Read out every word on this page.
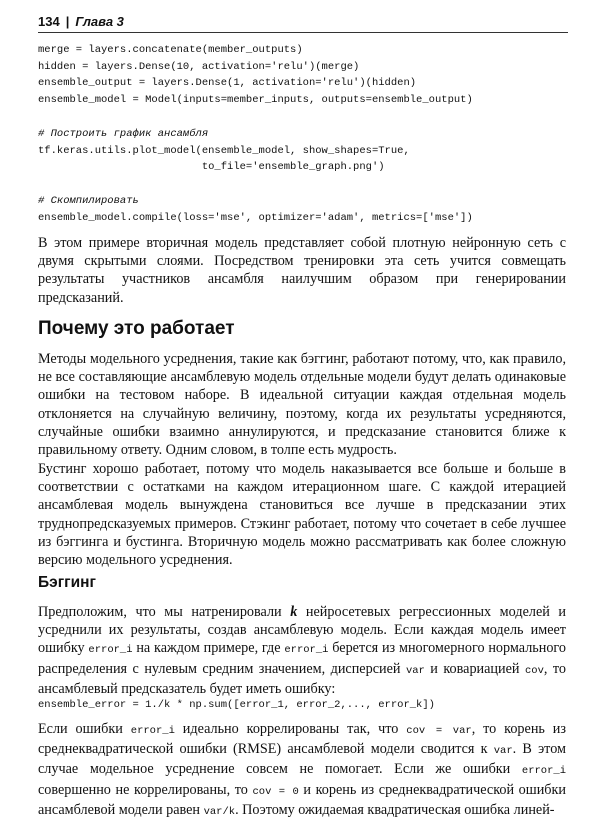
134 | Глава 3
merge = layers.concatenate(member_outputs)
hidden = layers.Dense(10, activation='relu')(merge)
ensemble_output = layers.Dense(1, activation='relu')(hidden)
ensemble_model = Model(inputs=member_inputs, outputs=ensemble_output)
# Построить график ансамбля
tf.keras.utils.plot_model(ensemble_model, show_shapes=True,
to_file='ensemble_graph.png')
# Скомпилировать
ensemble_model.compile(loss='mse', optimizer='adam', metrics=['mse'])

В этом примере вторичная модель представляет собой плотную нейронную сеть с двумя скрытыми слоями. Посредством тренировки эта сеть учится совмещать результаты участников ансамбля наилучшим образом при генерировании предсказаний.

Почему это работает

Методы модельного усреднения, такие как бэггинг, работают потому, что, как правило, не все составляющие ансамблевую модель отдельные модели будут делать одинаковые ошибки на тестовом наборе. В идеальной ситуации каждая отдельная модель отклоняется на случайную величину, поэтому, когда их результаты усредняются, случайные ошибки взаимно аннулируются, и предсказание становится ближе к правильному ответу. Одним словом, в толпе есть мудрость.

Бустинг хорошо работает, потому что модель наказывается все больше и больше в соответствии с остатками на каждом итерационном шаге. С каждой итерацией ансамблевая модель вынуждена становиться все лучше в предсказании этих труднопредсказуемых примеров. Стэкинг работает, потому что сочетает в себе лучшее из бэггинга и бустинга. Вторичную модель можно рассматривать как более сложную версию модельного усреднения.

Бэггинг

Предположим, что мы натренировали k нейросетевых регрессионных моделей и усреднили их результаты, создав ансамблевую модель. Если каждая модель имеет ошибку error_i на каждом примере, где error_i берется из многомерного нормального распределения с нулевым средним значением, дисперсией var и ковариацией cov, то ансамблевый предсказатель будет иметь ошибку:

ensemble_error = 1./k * np.sum([error_1, error_2,..., error_k])

Если ошибки error_i идеально коррелированы так, что cov = var, то корень из среднеквадратической ошибки (RMSE) ансамблевой модели сводится к var. В этом случае модельное усреднение совсем не помогает. Если же ошибки error_i совершенно не коррелированы, то cov = 0 и корень из среднеквадратической ошибки ансамблевой модели равен var/k. Поэтому ожидаемая квадратическая ошибка линей-
